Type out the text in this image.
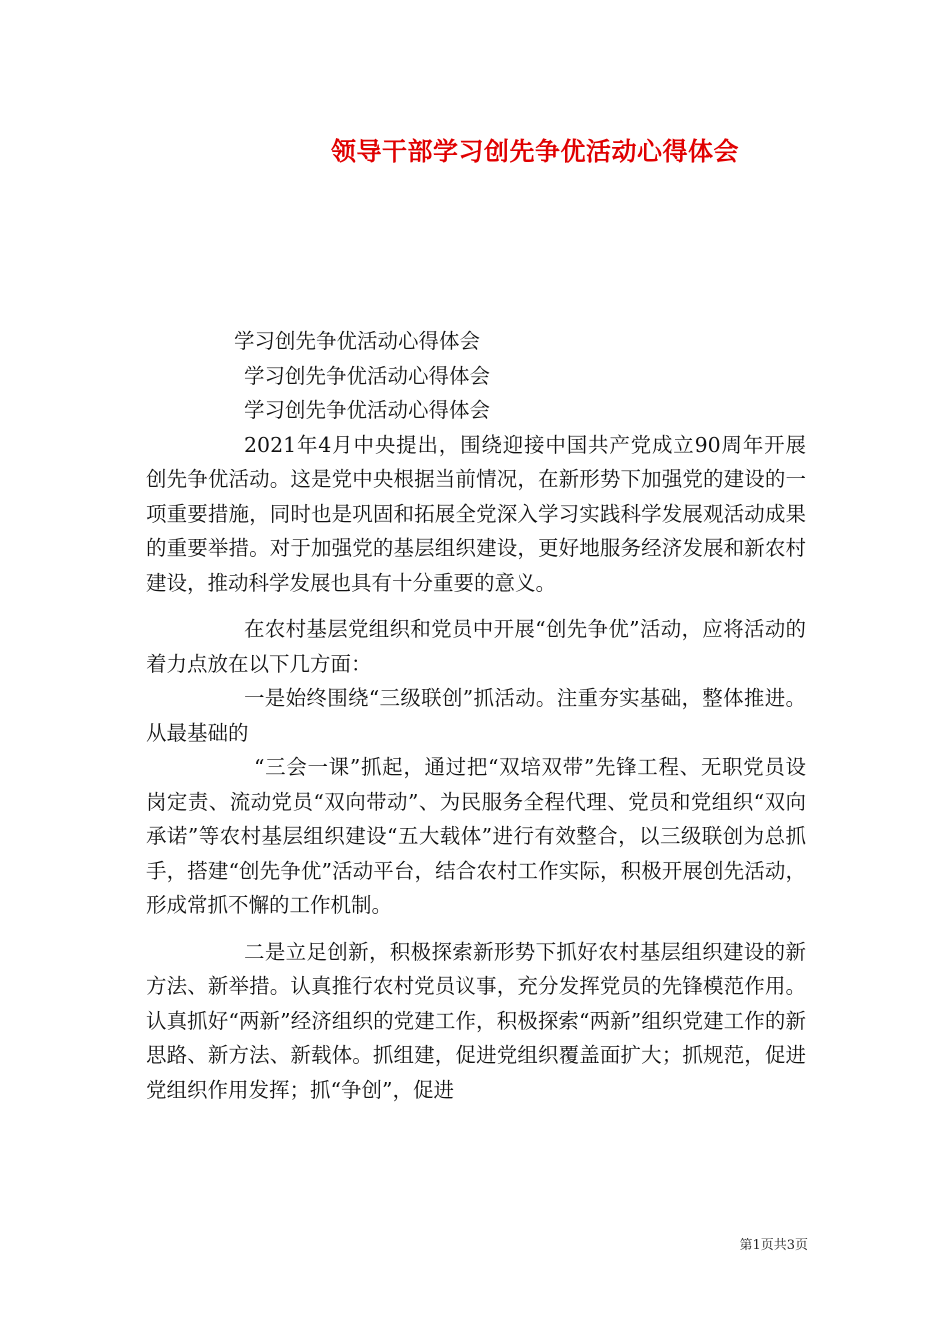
领导干部学习创先争优活动心得体会

学习创先争优活动心得体会

学习创先争优活动心得体会

学习创先争优活动心得体会

2021年4月中央提出，围绕迎接中国共产党成立90周年开展创先争优活动。这是党中央根据当前情况，在新形势下加强党的建设的一项重要措施，同时也是巩固和拓展全党深入学习实践科学发展观活动成果的重要举措。对于加强党的基层组织建设，更好地服务经济发展和新农村建设，推动科学发展也具有十分重要的意义。

在农村基层党组织和党员中开展“创先争优”活动，应将活动的着力点放在以下几方面：

一是始终围绕“三级联创”抓活动。注重夯实基础，整体推进。从最基础的

“三会一课”抓起，通过把“双培双带”先锋工程、无职党员设岗定责、流动党员“双向带动”、为民服务全程代理、党员和党组织“双向承诺”等农村基层组织建设“五大载体”进行有效整合，以三级联创为总抓手，搭建“创先争优”活动平台，结合农村工作实际，积极开展创先活动，形成常抓不懈的工作机制。

二是立足创新，积极探索新形势下抓好农村基层组织建设的新方法、新举措。认真推行农村党员议事，充分发挥党员的先锋模范作用。认真抓好“两新”经济组织的党建工作，积极探索“两新”组织党建工作的新思路、新方法、新载体。抓组建，促进党组织覆盖面扩大；抓规范，促进党组织作用发挥；抓“争创”，促进

第1页共3页
